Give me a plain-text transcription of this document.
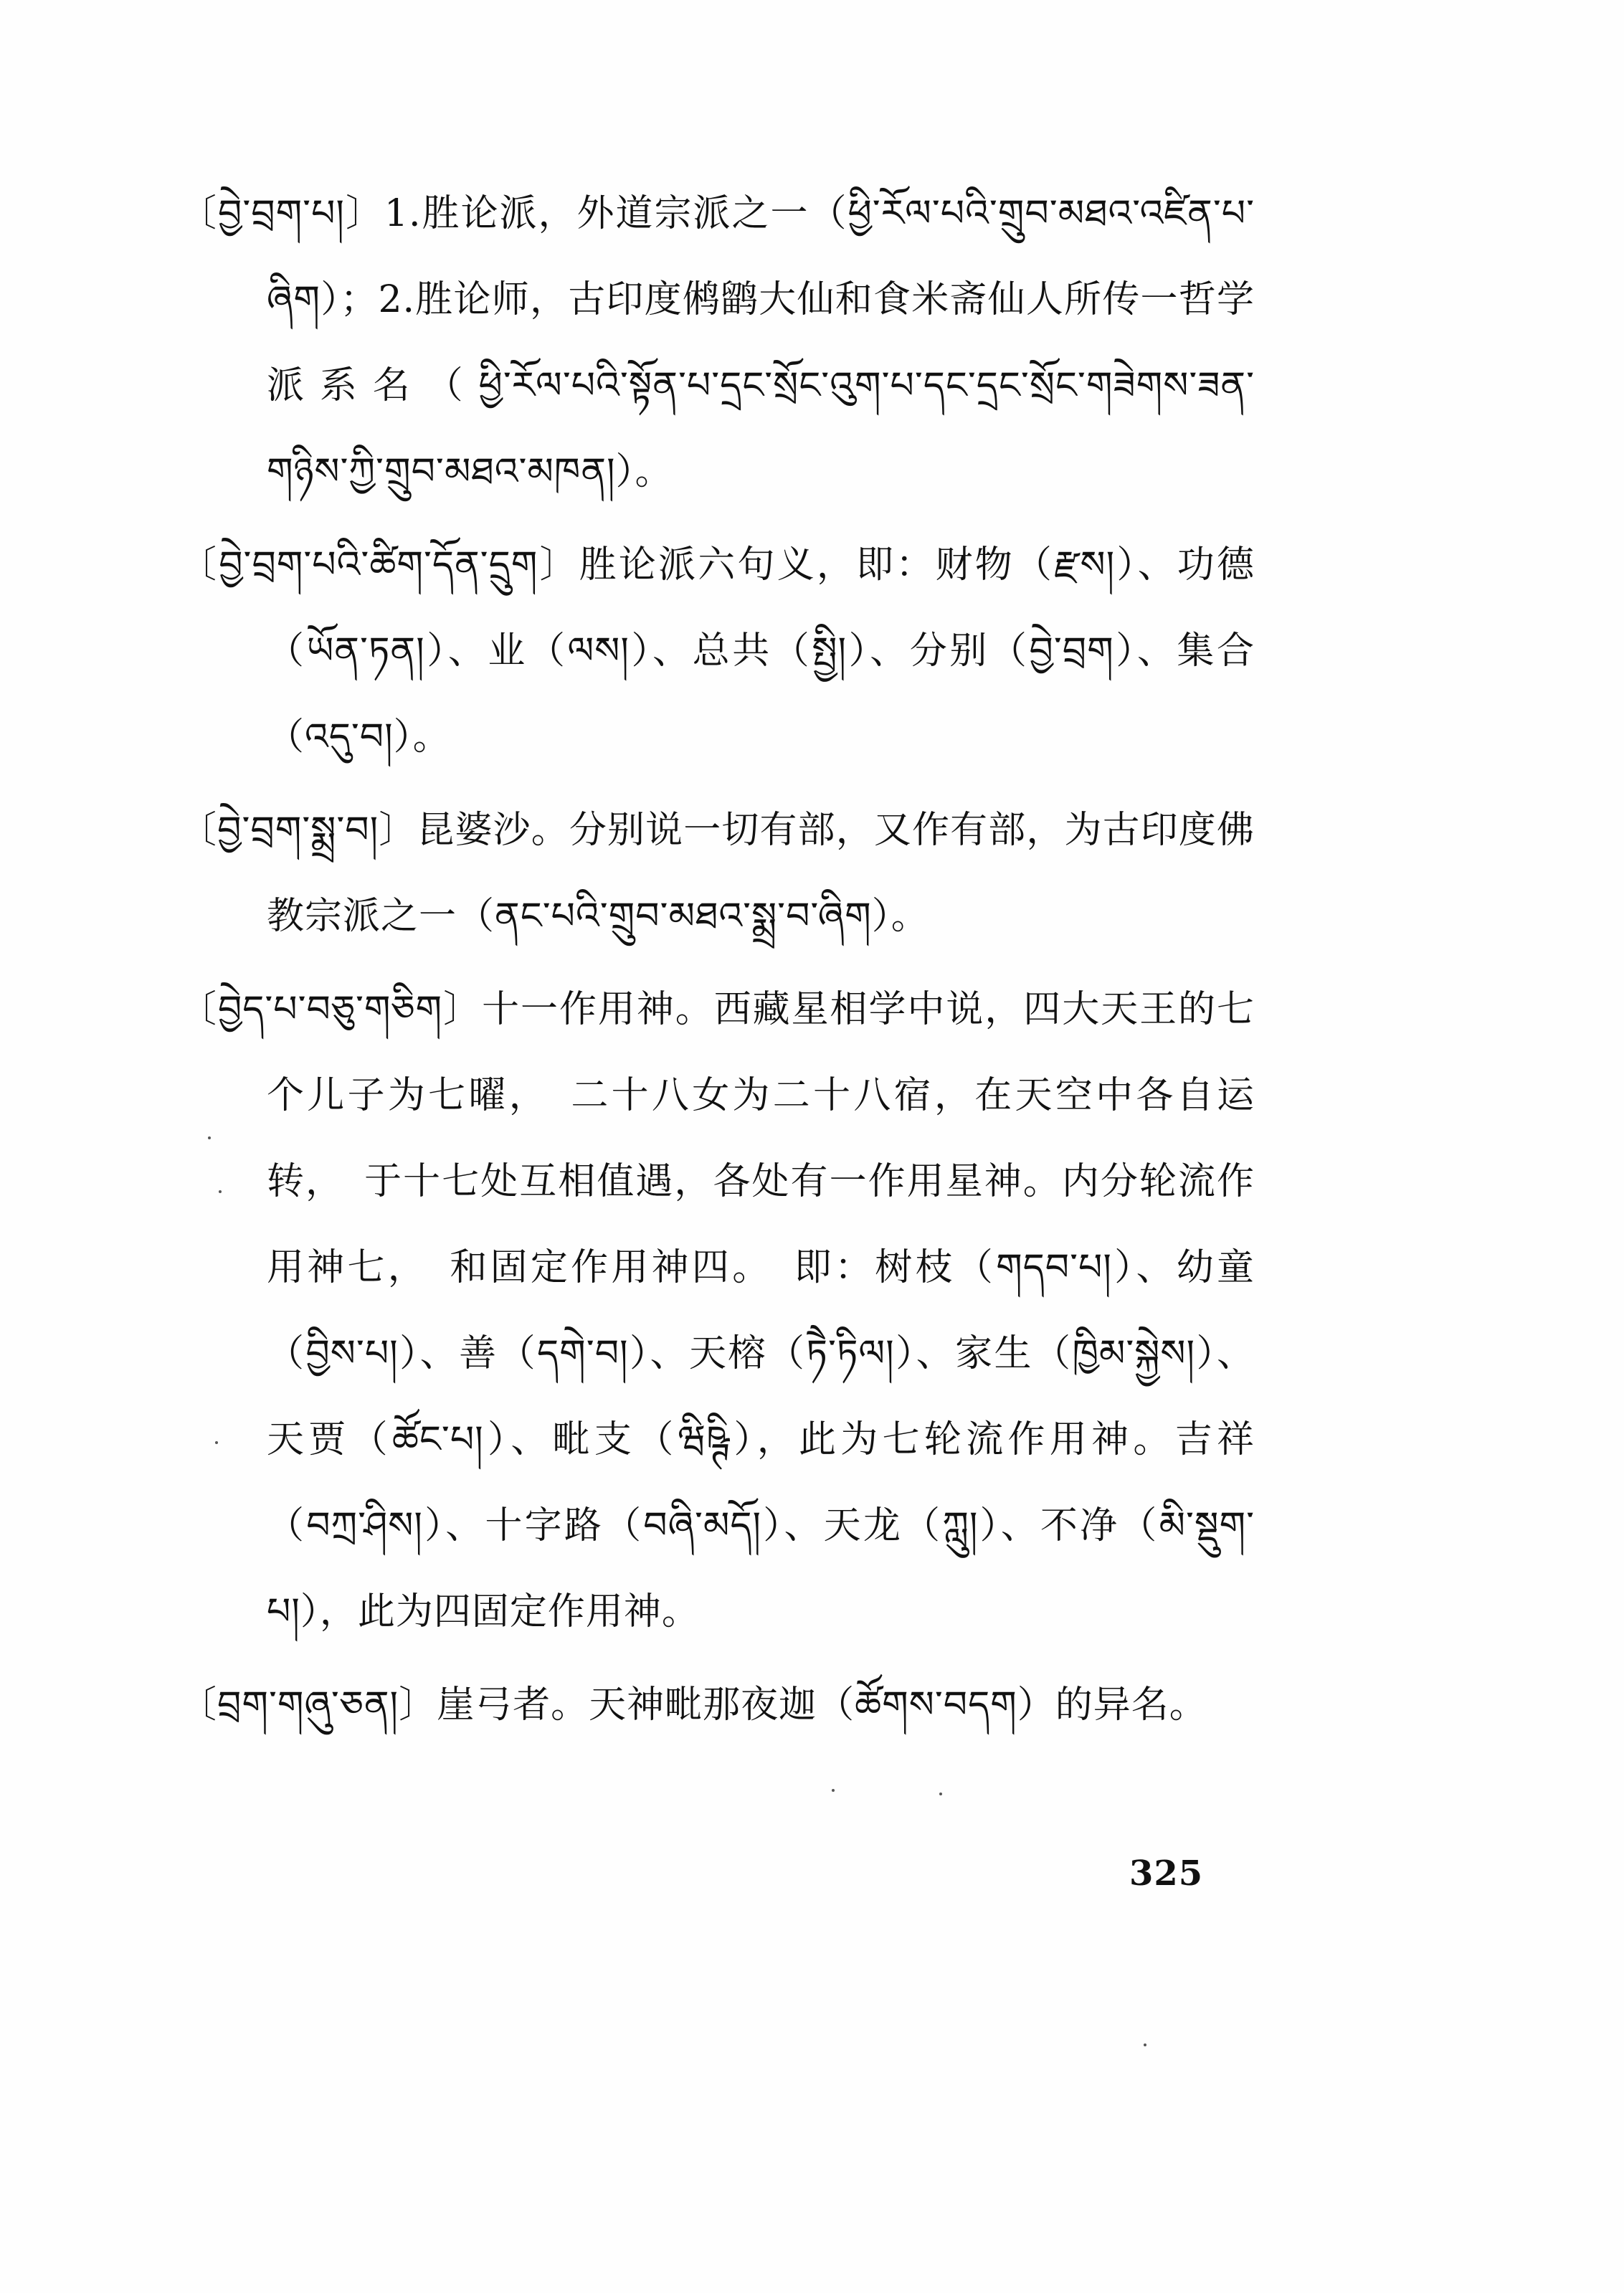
〔བྱེ་བྲག་པ།〕1.胜论派，外道宗派之一（ཕྱི་རོལ་པའི་གྲུབ་མཐའ་འཛིན་པ་ཞིག）；2.胜论师，古印度鸺鹠大仙和食米斋仙人所传一哲学派系名（ཕྱི་རོལ་པའི་སྟོན་པ་དྲང་སྲོང་འུག་པ་དང་དྲང་སྲོང་གཟེགས་ཟན་གཉིས་ཀྱི་གྲུབ་མཐའ་མཁན།）。

〔བྱེ་བྲག་པའི་ཚིག་དོན་དྲུག〕胜论派六句义，即：财物（རྫས།）、功德（ཡོན་ཏན།）、业（ལས།）、总共（སྤྱི།）、分别（བྱེ་བྲག）、集合（འདུ་བ།）。

〔བྱེ་བྲག་སྨྲ་བ།〕昆婆沙。分别说一切有部，又作有部，为古印度佛教宗派之一（ནང་པའི་གྲུབ་མཐའ་སྨྲ་བ་ཞིག）。

〔བྱེད་པ་བཅུ་གཅིག〕十一作用神。西藏星相学中说，四大天王的七个儿子为七曜，　二十八女为二十八宿，在天空中各自运转，　于十七处互相值遇，各处有一作用星神。内分轮流作用神七，　和固定作用神四。　即：树枝（གདབ་པ།）、幼童（བྱིས་པ།）、善（དགེ་བ།）、天榕（ཏཻ་ཏིལ།）、家生（ཁྱིམ་སྐྱེས།）、天贾（ཚོང་པ།）、毗支（ཝིཥྚི），此为七轮流作用神。吉祥（བཀྲ་ཤིས།）、十字路（བཞི་མདོ།）、天龙（ཀླུ།）、不净（མི་སྡུག་པ།），此为四固定作用神。

〔བྲག་གཞུ་ཅན།〕崖弓者。天神毗那夜迦（ཚོགས་བདག）的异名。

325
